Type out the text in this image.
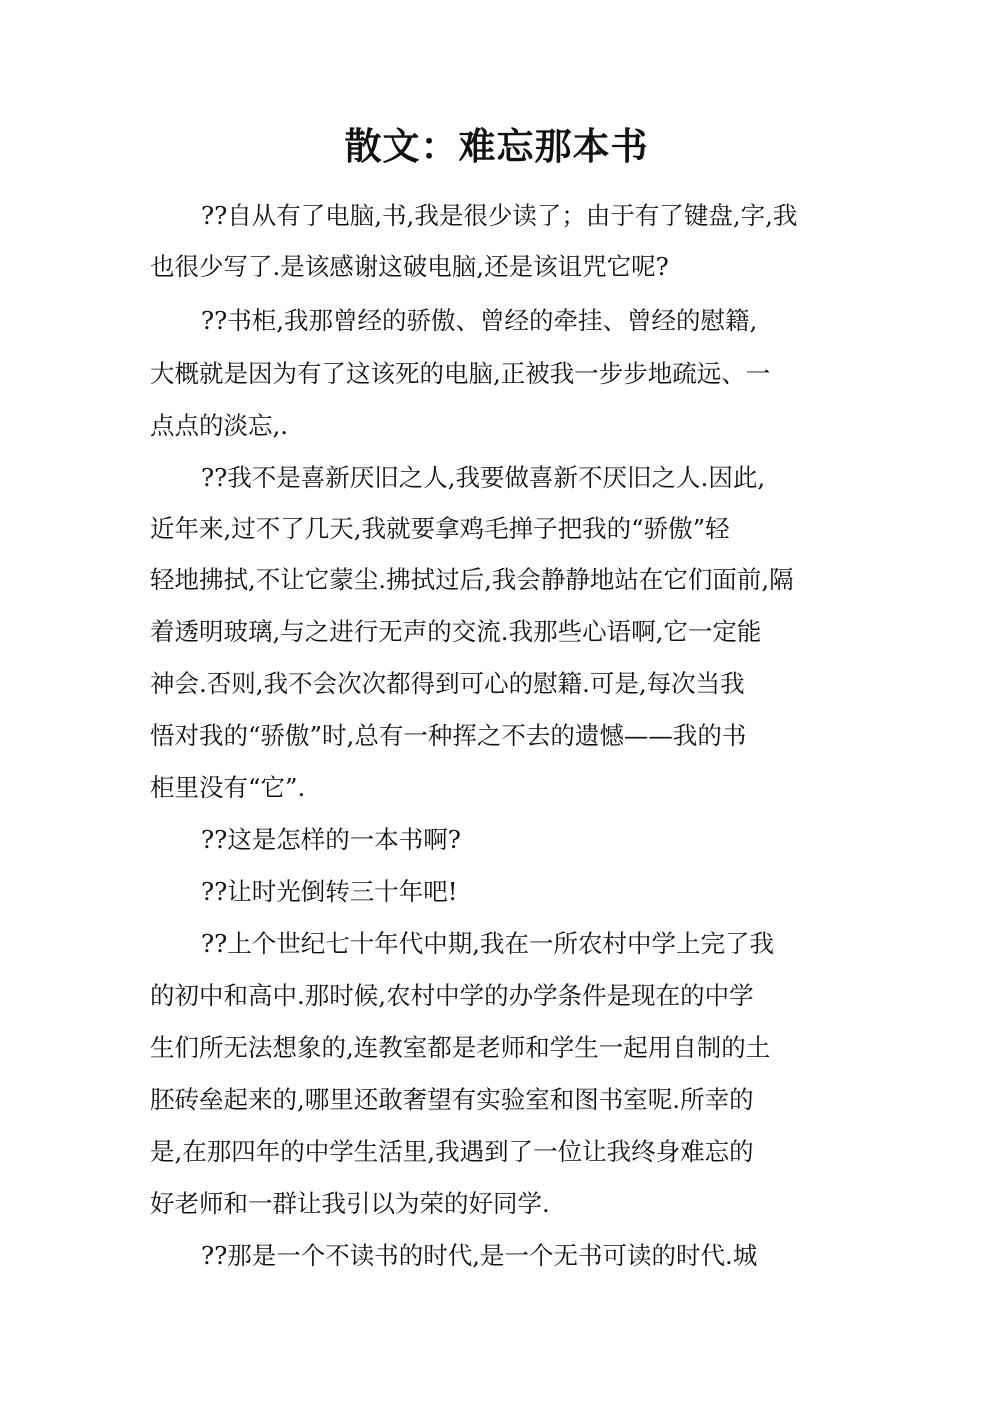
散文：难忘那本书
??自从有了电脑,书,我是很少读了；由于有了键盘,字,我
也很少写了.是该感谢这破电脑,还是该诅咒它呢?
??书柜,我那曾经的骄傲、曾经的牵挂、曾经的慰籍,
大概就是因为有了这该死的电脑,正被我一步步地疏远、一
点点的淡忘,.
??我不是喜新厌旧之人,我要做喜新不厌旧之人.因此,
近年来,过不了几天,我就要拿鸡毛掸子把我的“骄傲”轻
轻地拂拭,不让它蒙尘.拂拭过后,我会静静地站在它们面前,隔
着透明玻璃,与之进行无声的交流.我那些心语啊,它一定能
神会.否则,我不会次次都得到可心的慰籍.可是,每次当我
悟对我的“骄傲”时,总有一种挥之不去的遗憾——我的书
柜里没有“它”.
??这是怎样的一本书啊?
??让时光倒转三十年吧!
??上个世纪七十年代中期,我在一所农村中学上完了我
的初中和高中.那时候,农村中学的办学条件是现在的中学
生们所无法想象的,连教室都是老师和学生一起用自制的土
胚砖垒起来的,哪里还敢奢望有实验室和图书室呢.所幸的
是,在那四年的中学生活里,我遇到了一位让我终身难忘的
好老师和一群让我引以为荣的好同学.
??那是一个不读书的时代,是一个无书可读的时代.城
